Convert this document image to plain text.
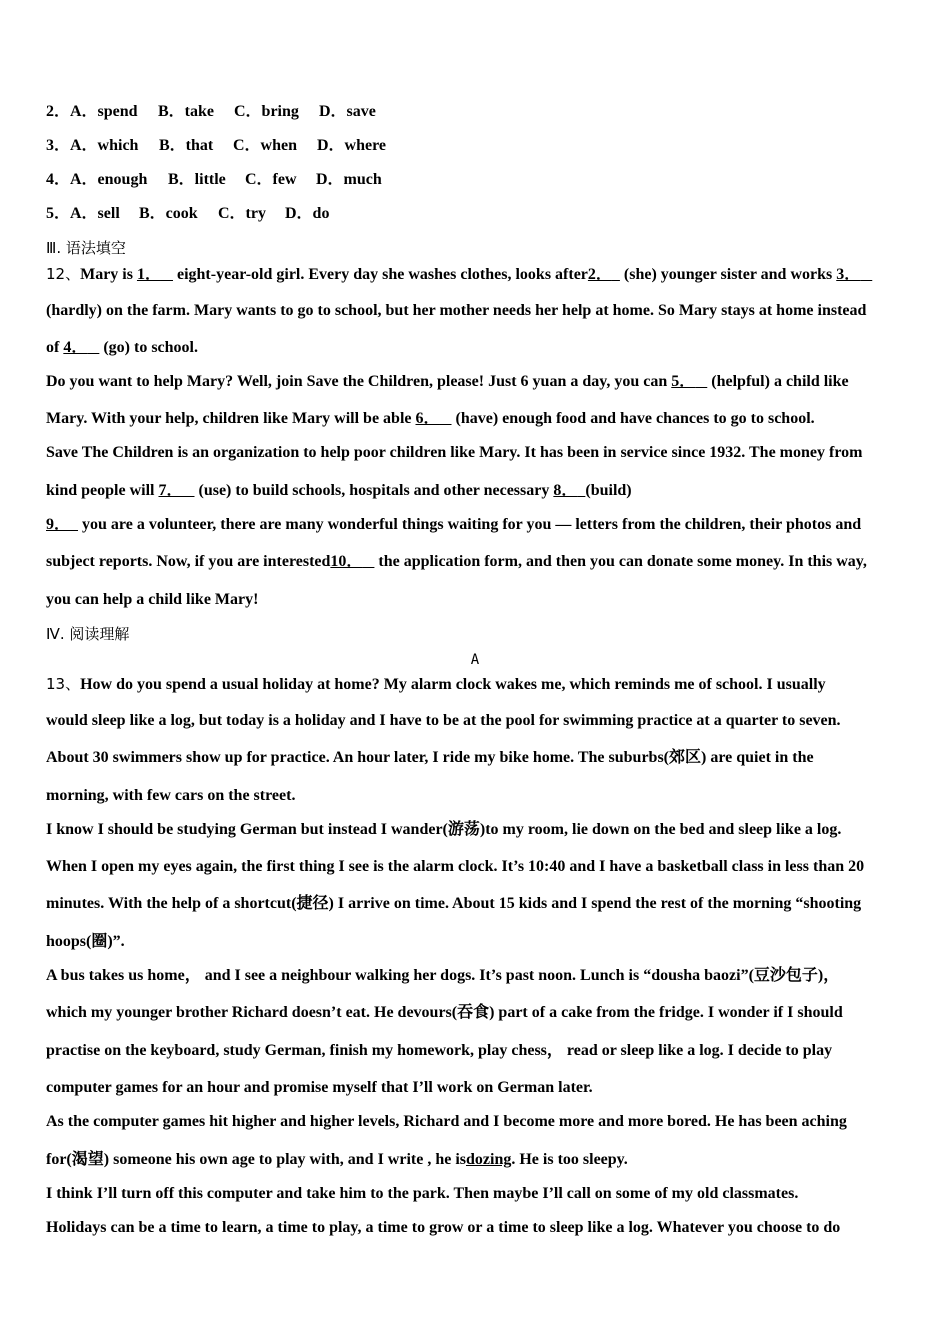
2．A．spend B．take C．bring D．save
3．A．which B．that C．when D．where
4．A．enough B．little C．few D．much
5．A．sell B．cook C．try D．do
Ⅲ. 语法填空
12、Mary is 1．    eight-year-old girl. Every day she washes clothes, looks after2．   (she) younger sister and works 3．
(hardly) on the farm. Mary wants to go to school, but her mother needs her help at home. So Mary stays at home instead
of 4．    (go) to school.
Do you want to help Mary? Well, join Save the Children, please! Just 6 yuan a day, you can 5．    (helpful) a child like
Mary. With your help, children like Mary will be able 6．    (have) enough food and have chances to go to school.
Save The Children is an organization to help poor children like Mary. It has been in service since 1932. The money from
kind people will 7．    (use) to build schools, hospitals and other necessary 8． (build)
9．   you are a volunteer, there are many wonderful things waiting for you — letters from the children, their photos and
subject reports. Now, if you are interested10．    the application form, and then you can donate some money. In this way,
you can help a child like Mary!
Ⅳ. 阅读理解
A
13、How do you spend a usual holiday at home? My alarm clock wakes me, which reminds me of school. I usually
would sleep like a log, but today is a holiday and I have to be at the pool for swimming practice at a quarter to seven.
About 30 swimmers show up for practice. An hour later, I ride my bike home. The suburbs(郊区) are quiet in the
morning, with few cars on the street.
I know I should be studying German but instead I wander(游荡)to my room, lie down on the bed and sleep like a log.
When I open my eyes again, the first thing I see is the alarm clock. It’s 10:40 and I have a basketball class in less than 20
minutes. With the help of a shortcut(捷径) I arrive on time. About 15 kids and I spend the rest of the morning “shooting
hoops(圈)”.
A bus takes us home， and I see a neighbour walking her dogs. It’s past noon. Lunch is “dousha baozi”(豆沙包子)，
which my younger brother Richard doesn’t eat. He devours(吞食) part of a cake from the fridge. I wonder if I should
practise on the keyboard, study German, finish my homework, play chess， read or sleep like a log. I decide to play
computer games for an hour and promise myself that I’ll work on German later.
As the computer games hit higher and higher levels, Richard and I become more and more bored. He has been aching
for(渴望) someone his own age to play with, and I write , he isdozing. He is too sleepy.
I think I’ll turn off this computer and take him to the park. Then maybe I’ll call on some of my old classmates.
Holidays can be a time to learn, a time to play, a time to grow or a time to sleep like a log. Whatever you choose to do
